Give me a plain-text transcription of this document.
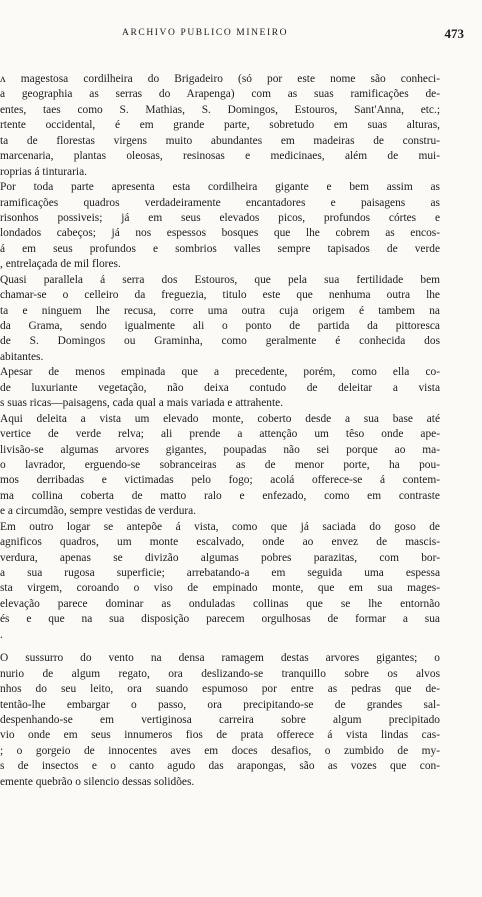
ARCHIVO PUBLICO MINEIRO	473
ʌ magestosa cordilheira do Brigadeiro (só por este nome são conheci-
a geographia as serras do Arapenga) com as suas ramificações de-
entes, taes como S. Mathias, S. Domingos, Estouros, Sant'Anna, etc.;
rtente occidental, é em grande parte, sobretudo em suas alturas,
ta de florestas virgens muito abundantes em madeiras de constru-
marcenaria, plantas oleosas, resinosas e medicinaes, além de mui-
roprias á tinturaria.
Por toda parte apresenta esta cordilheira gigante e bem assim as
ramificações quadros verdadeiramente encantadores e paisagens as
risonhos possiveis; já em seus elevados picos, profundos córtes e
londados cabeços; já nos espessos bosques que lhe cobrem as encos-
á em seus profundos e sombrios valles sempre tapisados de verde
, entrelaçada de mil flores.
Quasi parallela á serra dos Estouros, que pela sua fertilidade bem
chamar-se o celleiro da freguezia, titulo este que nenhuma outra lhe
ta e ninguem lhe recusa, corre uma outra cuja origem é tambem na
da Grama, sendo igualmente ali o ponto de partida da pittoresca
de S. Domingos ou Graminha, como geralmente é conhecida dos
abitantes.
Apesar de menos empinada que a precedente, porém, como ella co-
de luxuriante vegetação, não deixa contudo de deleitar a vista
s suas ricas—paisagens, cada qual a mais variada e attrahente.
Aqui deleita a vista um elevado monte, coberto desde a sua base até
vertice de verde relva; ali prende a attenção um têso onde ape-
livisão-se algumas arvores gigantes, poupadas não sei porque ao ma-
o lavrador, erguendo-se sobranceiras as de menor porte, ha pou-
mos derribadas e victimadas pelo fogo; acolá offerece-se á contem-
ma collina coberta de matto ralo e enfezado, como em contraste
e a circumdão, sempre vestidas de verdura.
Em outro logar se antepõe á vista, como que já saciada do goso de
agnificos quadros, um monte escalvado, onde ao envez de mascis-
verdura, apenas se divizão algumas pobres parazitas, com bor-
a sua rugosa superficie; arrebatando-a em seguida uma espessa
sta virgem, coroando o viso de empinado monte, que em sua mages-
elevação parece dominar as onduladas collinas que se lhe entornão
és e que na sua disposição parecem orgulhosas de formar a sua
.
O sussurro do vento na densa ramagem destas arvores gigantes; o
nurio de algum regato, ora deslizando-se tranquillo sobre os alvos
nhos do seu leito, ora suando espumoso por entre as pedras que de-
tentão-lhe embargar o passo, ora precipitando-se de grandes sal-
despenhando-se em vertiginosa carreira sobre algum precipitado
vio onde em seus innumeros fios de prata offerece á vista lindas cas-
; o gorgeio de innocentes aves em doces desafios, o zumbido de my-
s de insectos e o canto agudo das arapongas, são as vozes que con-
emente quebrão o silencio dessas solidões.
